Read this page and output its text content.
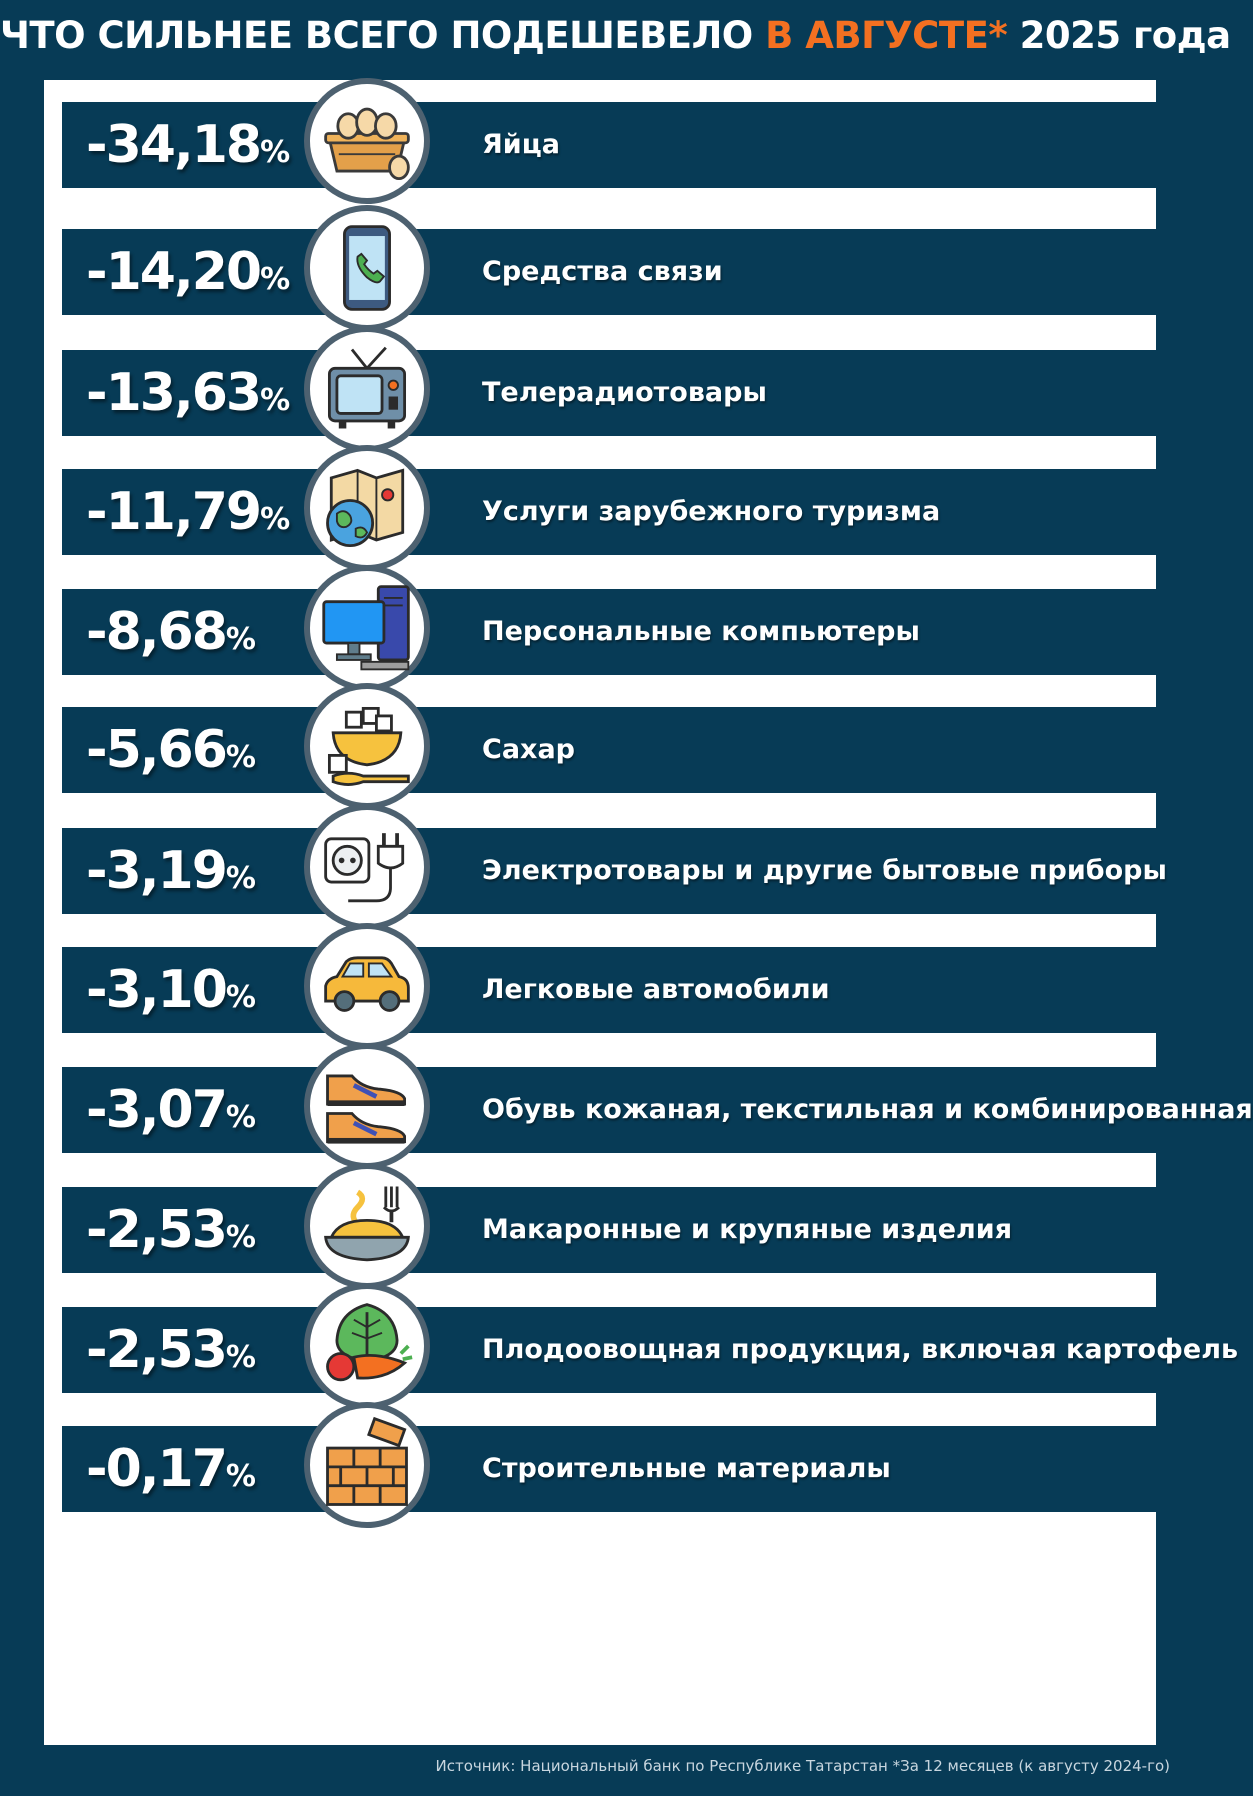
ЧТО СИЛЬНЕЕ ВСЕГО ПОДЕШЕВЕЛО В АВГУСТЕ* 2025 года
-34,18%	Яйца
-14,20%	Средства связи
-13,63%	Телерадиотовары
-11,79%	Услуги зарубежного туризма
-8,68%	Персональные компьютеры
-5,66%	Сахар
-3,19%	Электротовары и другие бытовые приборы
-3,10%	Легковые автомобили
-3,07%	Обувь кожаная, текстильная и комбинированная
-2,53%	Макаронные и крупяные изделия
-2,53%	Плодоовощная продукция, включая картофель
-0,17%	Строительные материалы
Источник: Национальный банк по Республике Татарстан *За 12 месяцев (к августу 2024-го)
